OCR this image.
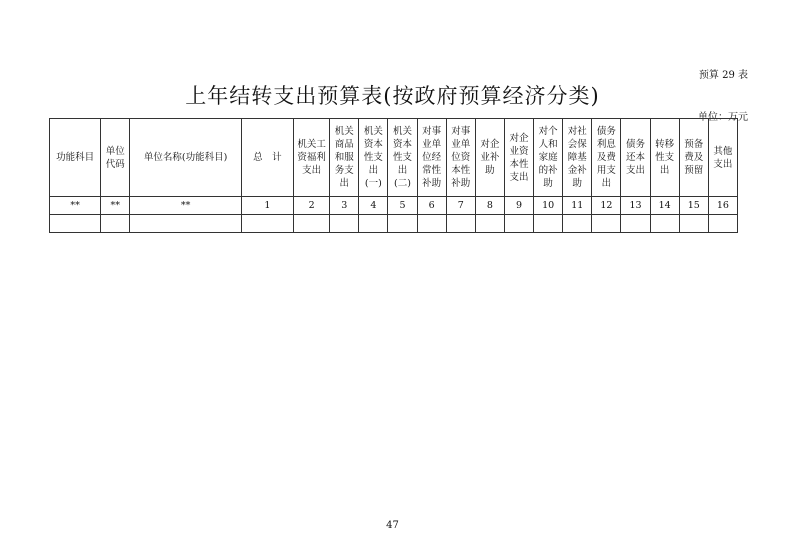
预算 29 表
上年结转支出预算表(按政府预算经济分类)
单位：万元
功能科目	单位代码	单位名称(功能科目)	总　计	机关工资福利支出	机关商品和服务支出	机关资本性支出(一)	机关资本性支出(二)	对事业单位经常性补助	对事业单位资本性补助	对企业补助	对企业资本性支出	对个人和家庭的补助	对社会保障基金补助	债务利息及费用支出	债务还本支出	转移性支出	预备费及预留	其他支出
**	**	**	1	2	3	4	5	6	7	8	9	10	11	12	13	14	15	16

47
